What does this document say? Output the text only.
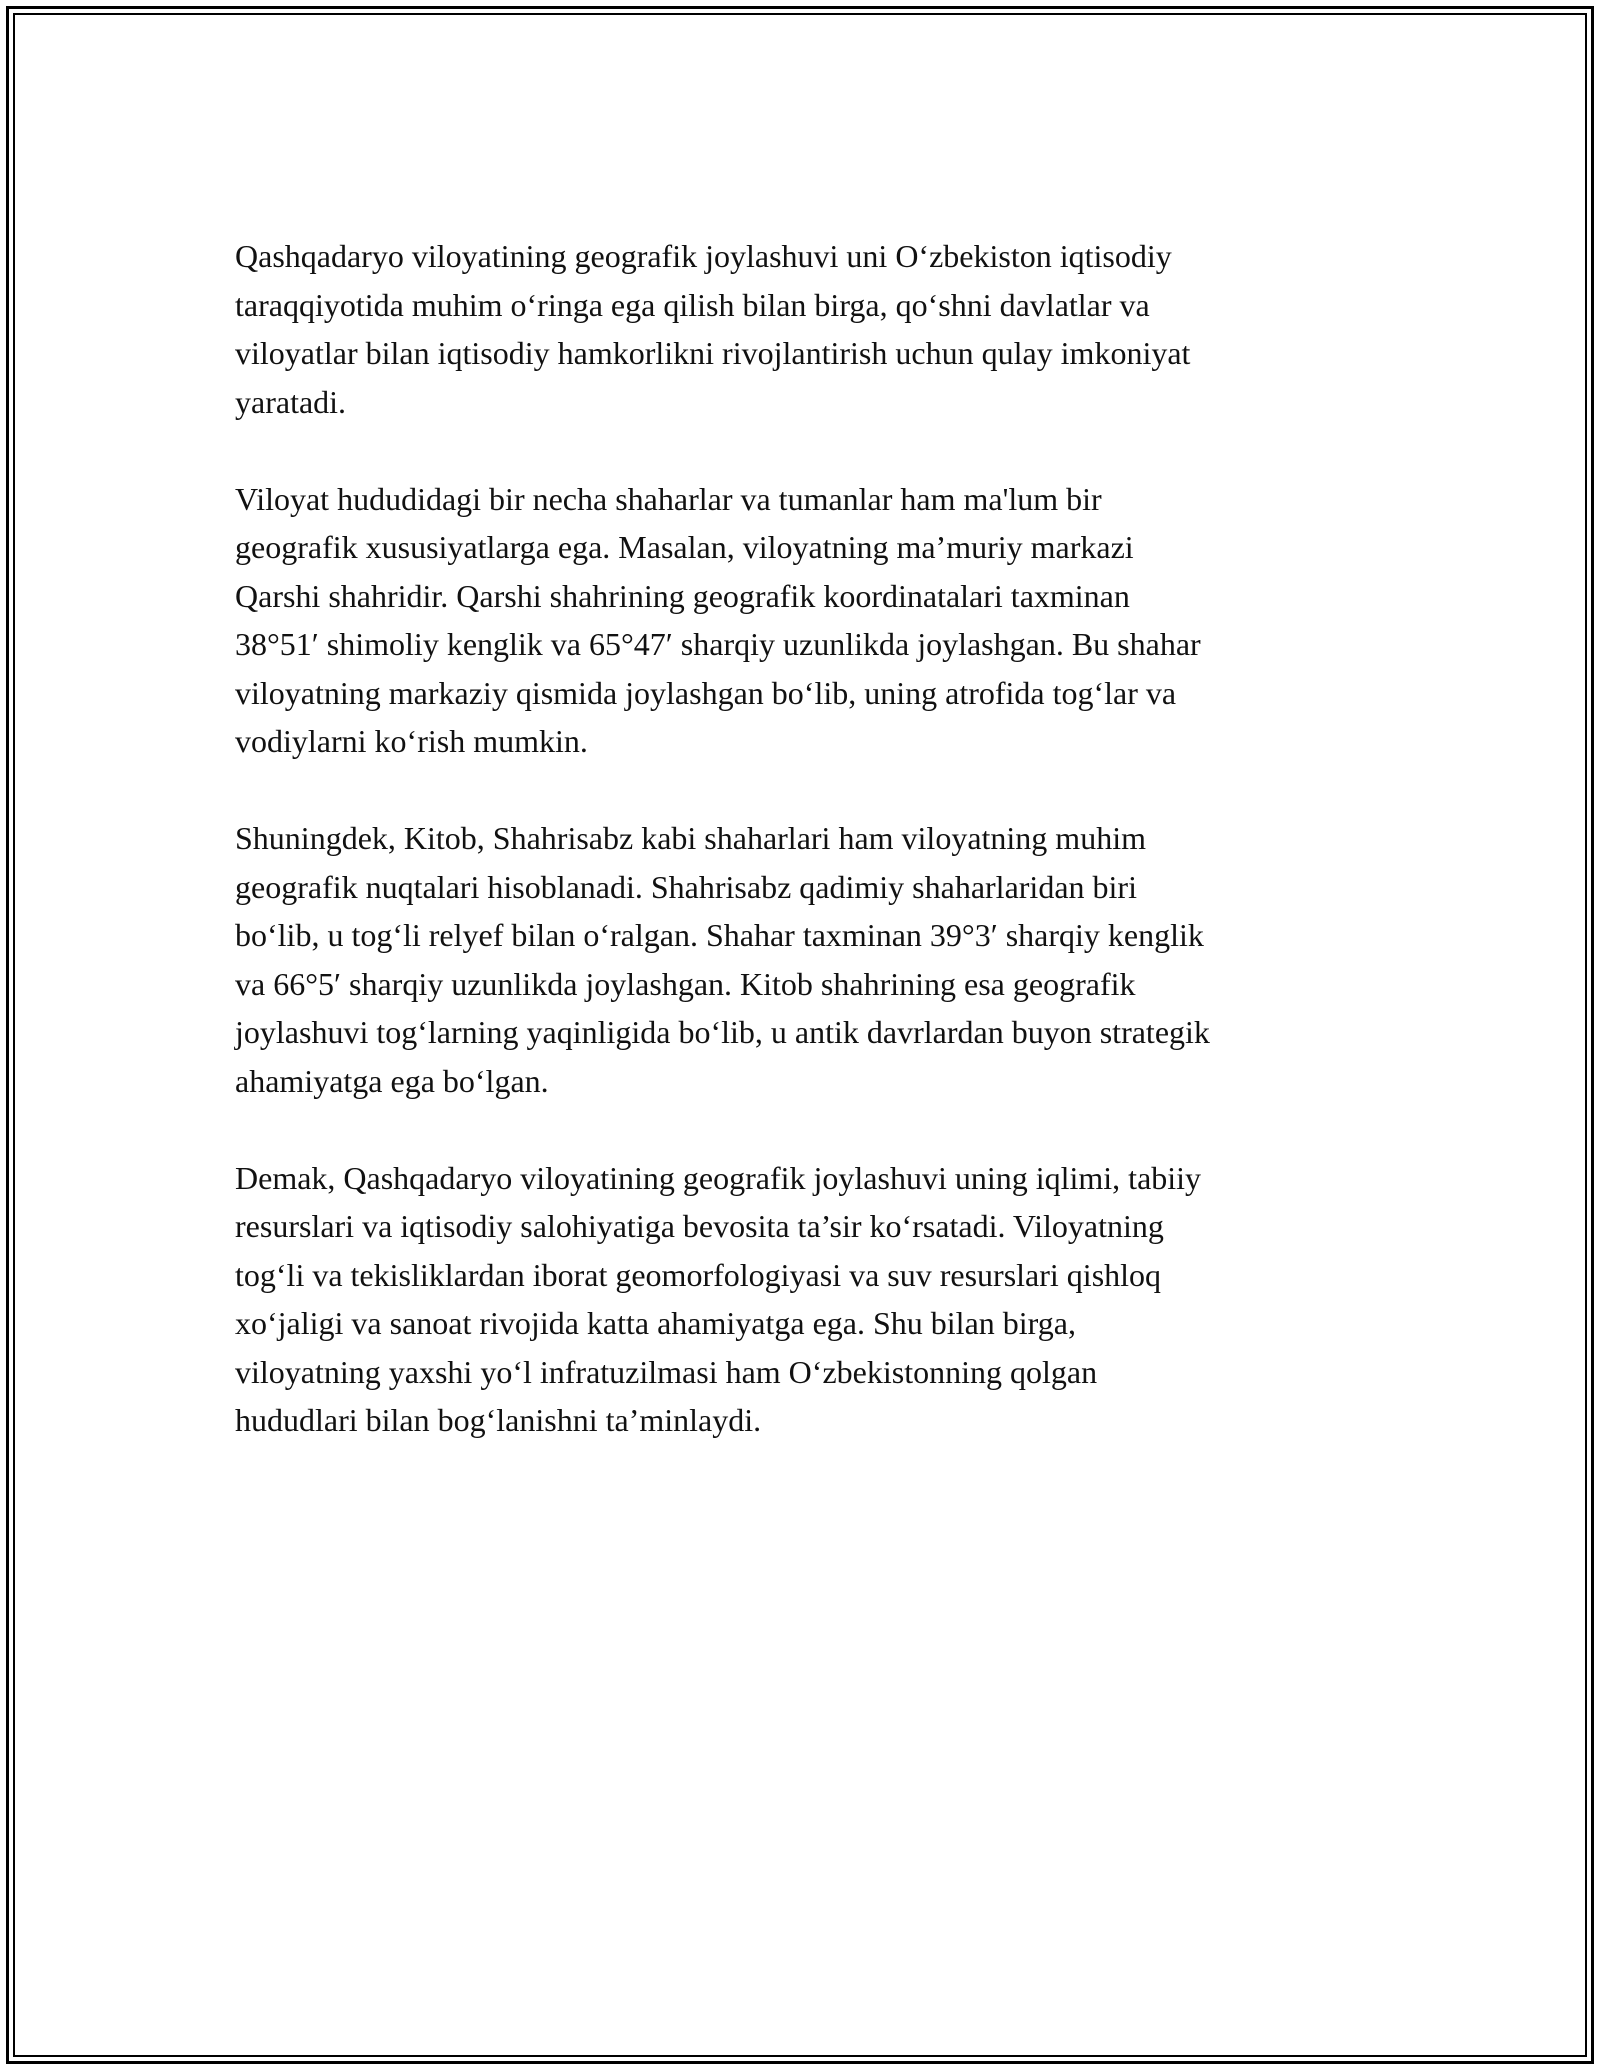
Qashqadaryo viloyatining geografik joylashuvi uni O‘zbekiston iqtisodiy
taraqqiyotida muhim o‘ringa ega qilish bilan birga, qo‘shni davlatlar va
viloyatlar bilan iqtisodiy hamkorlikni rivojlantirish uchun qulay imkoniyat
yaratadi.

Viloyat hududidagi bir necha shaharlar va tumanlar ham ma'lum bir
geografik xususiyatlarga ega. Masalan, viloyatning ma’muriy markazi
Qarshi shahridir. Qarshi shahrining geografik koordinatalari taxminan
38°51′ shimoliy kenglik va 65°47′ sharqiy uzunlikda joylashgan. Bu shahar
viloyatning markaziy qismida joylashgan bo‘lib, uning atrofida tog‘lar va
vodiylarni ko‘rish mumkin.

Shuningdek, Kitob, Shahrisabz kabi shaharlari ham viloyatning muhim
geografik nuqtalari hisoblanadi. Shahrisabz qadimiy shaharlaridan biri
bo‘lib, u tog‘li relyef bilan o‘ralgan. Shahar taxminan 39°3′ sharqiy kenglik
va 66°5′ sharqiy uzunlikda joylashgan. Kitob shahrining esa geografik
joylashuvi tog‘larning yaqinligida bo‘lib, u antik davrlardan buyon strategik
ahamiyatga ega bo‘lgan.

Demak, Qashqadaryo viloyatining geografik joylashuvi uning iqlimi, tabiiy
resurslari va iqtisodiy salohiyatiga bevosita ta’sir ko‘rsatadi. Viloyatning
tog‘li va tekisliklardan iborat geomorfologiyasi va suv resurslari qishloq
xo‘jaligi va sanoat rivojida katta ahamiyatga ega. Shu bilan birga,
viloyatning yaxshi yo‘l infratuzilmasi ham O‘zbekistonning qolgan
hududlari bilan bog‘lanishni ta’minlaydi.
